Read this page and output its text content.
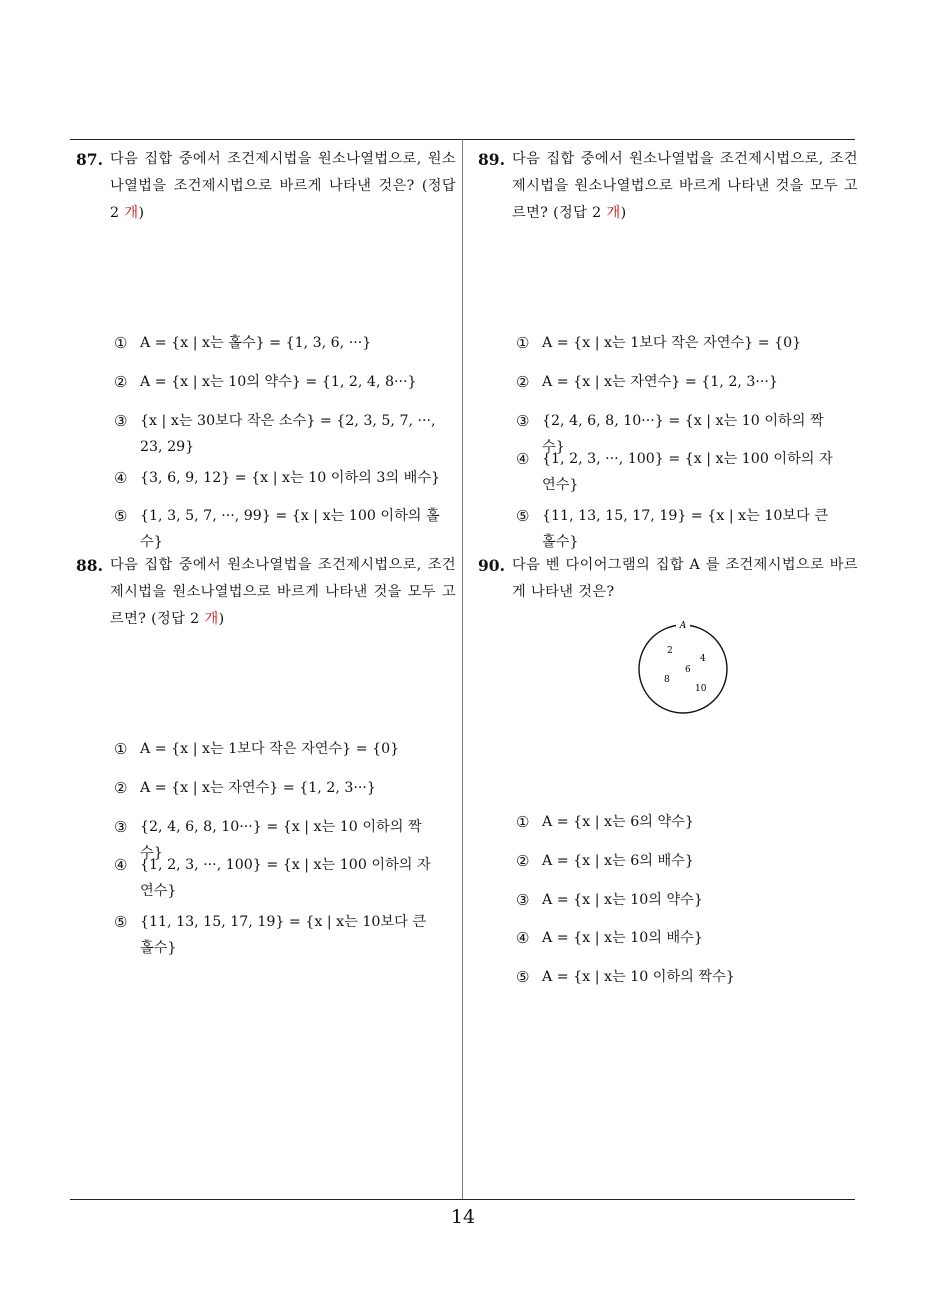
87. 다음 집합 중에서 조건제시법을 원소나열법으로, 원소나열법을 조건제시법으로 바르게 나타낸 것은? (정답 2 개)
① A = {x | x는 홀수} = {1, 3, 6, ···}
② A = {x | x는 10의 약수} = {1, 2, 4, 8···}
③ {x | x는 30보다 작은 소수} = {2, 3, 5, 7, ···, 23, 29}
④ {3, 6, 9, 12} = {x | x는 10 이하의 3의 배수}
⑤ {1, 3, 5, 7, ···, 99} = {x | x는 100 이하의 홀수}
88. 다음 집합 중에서 원소나열법을 조건제시법으로, 조건제시법을 원소나열법으로 바르게 나타낸 것을 모두 고르면? (정답 2 개)
① A = {x | x는 1보다 작은 자연수} = {0}
② A = {x | x는 자연수} = {1, 2, 3···}
③ {2, 4, 6, 8, 10···} = {x | x는 10 이하의 짝수}
④ {1, 2, 3, ···, 100} = {x | x는 100 이하의 자연수}
⑤ {11, 13, 15, 17, 19} = {x | x는 10보다 큰 홀수}
89. 다음 집합 중에서 원소나열법을 조건제시법으로, 조건제시법을 원소나열법으로 바르게 나타낸 것을 모두 고르면? (정답 2 개)
① A = {x | x는 1보다 작은 자연수} = {0}
② A = {x | x는 자연수} = {1, 2, 3···}
③ {2, 4, 6, 8, 10···} = {x | x는 10 이하의 짝수}
④ {1, 2, 3, ···, 100} = {x | x는 100 이하의 자연수}
⑤ {11, 13, 15, 17, 19} = {x | x는 10보다 큰 홀수}
90. 다음 벤 다이어그램의 집합 A 를 조건제시법으로 바르게 나타낸 것은?
A
2
4
6
8
10
① A = {x | x는 6의 약수}
② A = {x | x는 6의 배수}
③ A = {x | x는 10의 약수}
④ A = {x | x는 10의 배수}
⑤ A = {x | x는 10 이하의 짝수}
14
